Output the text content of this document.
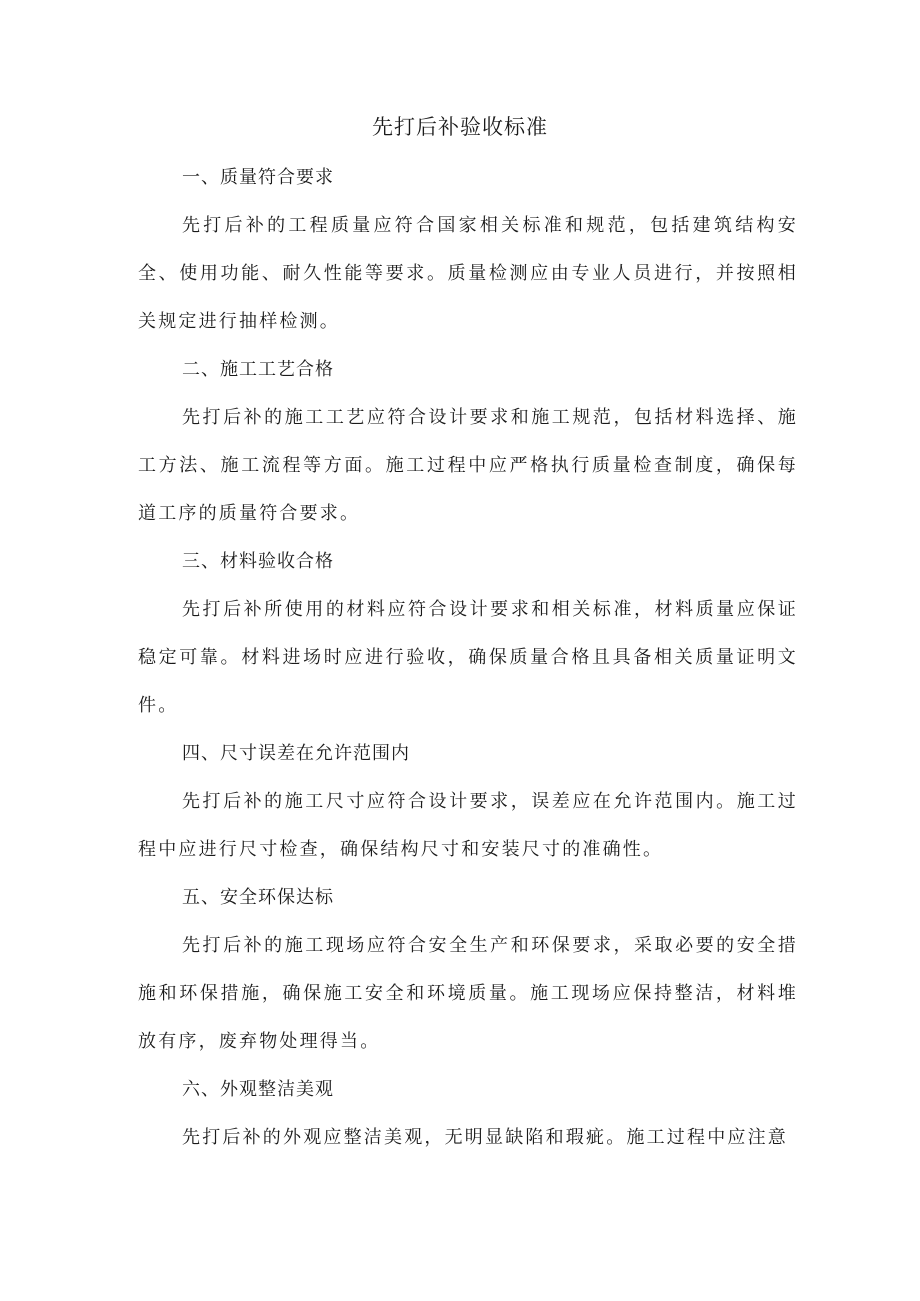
先打后补验收标准
一、质量符合要求

先打后补的工程质量应符合国家相关标准和规范，包括建筑结构安全、使用功能、耐久性能等要求。质量检测应由专业人员进行，并按照相关规定进行抽样检测。

二、施工工艺合格

先打后补的施工工艺应符合设计要求和施工规范，包括材料选择、施工方法、施工流程等方面。施工过程中应严格执行质量检查制度，确保每道工序的质量符合要求。

三、材料验收合格

先打后补所使用的材料应符合设计要求和相关标准，材料质量应保证稳定可靠。材料进场时应进行验收，确保质量合格且具备相关质量证明文件。

四、尺寸误差在允许范围内

先打后补的施工尺寸应符合设计要求，误差应在允许范围内。施工过程中应进行尺寸检查，确保结构尺寸和安装尺寸的准确性。

五、安全环保达标

先打后补的施工现场应符合安全生产和环保要求，采取必要的安全措施和环保措施，确保施工安全和环境质量。施工现场应保持整洁，材料堆放有序，废弃物处理得当。

六、外观整洁美观

先打后补的外观应整洁美观，无明显缺陷和瑕疵。施工过程中应注意
